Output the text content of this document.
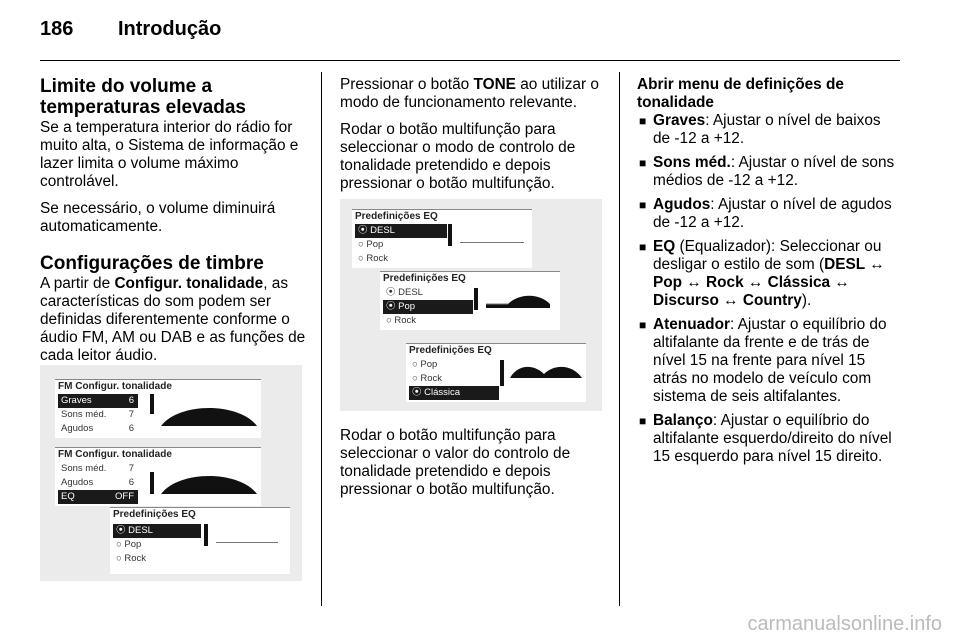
186 Introdução
Limite do volume a temperaturas elevadas

Se a temperatura interior do rádio for muito alta, o Sistema de informação e lazer limita o volume máximo controlável.

Se necessário, o volume diminuirá automaticamente.

Configurações de timbre

A partir de Configur. tonalidade, as características do som podem ser definidas diferentemente conforme o áudio FM, AM ou DAB e as funções de cada leitor áudio.

FM Configur. tonalidade
Graves	6
Sons méd. 7
Agudos	6
FM Configur. tonalidade
Sons méd. 7
Agudos	6
EQ	OFF
Predefinições EQ
⦿ DESL
○ Pop
○ Rock

Pressionar o botão TONE ao utilizar o modo de funcionamento relevante.

Rodar o botão multifunção para seleccionar o modo de controlo de tonalidade pretendido e depois pressionar o botão multifunção.

Predefinições EQ
⦿ DESL
○ Pop
○ Rock
Predefinições EQ
⦿ DESL
⦿ Pop
○ Rock
Predefinições EQ
○ Pop
○ Rock
⦿ Clássica

Rodar o botão multifunção para seleccionar o valor do controlo de tonalidade pretendido e depois pressionar o botão multifunção.

Abrir menu de definições de tonalidade
■ Graves: Ajustar o nível de baixos de -12 a +12.
■ Sons méd.: Ajustar o nível de sons médios de -12 a +12.
■ Agudos: Ajustar o nível de agudos de -12 a +12.
■ EQ (Equalizador): Seleccionar ou desligar o estilo de som (DESL ↔ Pop ↔ Rock ↔ Clássica ↔ Discurso ↔ Country).
■ Atenuador: Ajustar o equilíbrio do altifalante da frente e de trás de nível 15 na frente para nível 15 atrás no modelo de veículo com sistema de seis altifalantes.
■ Balanço: Ajustar o equilíbrio do altifalante esquerdo/direito do nível 15 esquerdo para nível 15 direito.
carmanualsonline.info
